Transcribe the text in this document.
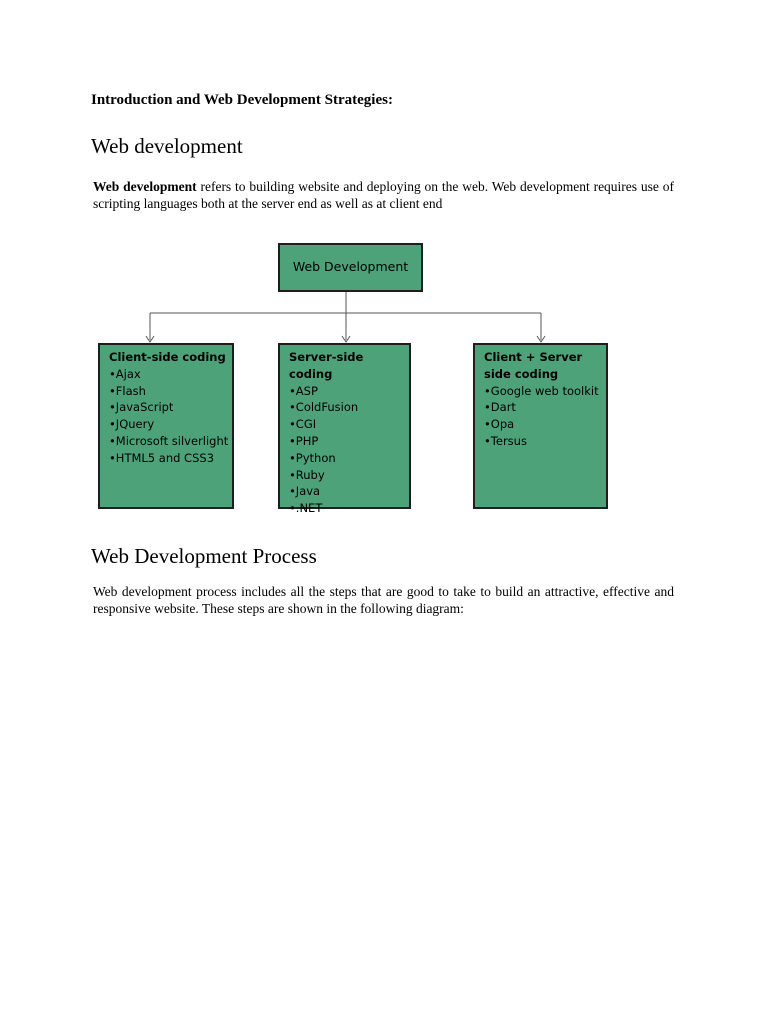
Introduction and Web Development Strategies:
Web development

Web development refers to building website and deploying on the web. Web development requires use of scripting languages both at the server end as well as at client end

Web Development

Client-side coding

• Ajax
• Flash
• JavaScript
• JQuery
• Microsoft silverlight
• HTML5 and CSS3

Server-side coding

• ASP
• ColdFusion
• CGI
• PHP
• Python
• Ruby
• Java
• .NET

Client + Server side coding

• Google web toolkit
• Dart
• Opa
• Tersus
Web Development Process

Web development process includes all the steps that are good to take to build an attractive, effective and responsive website. These steps are shown in the following diagram:
